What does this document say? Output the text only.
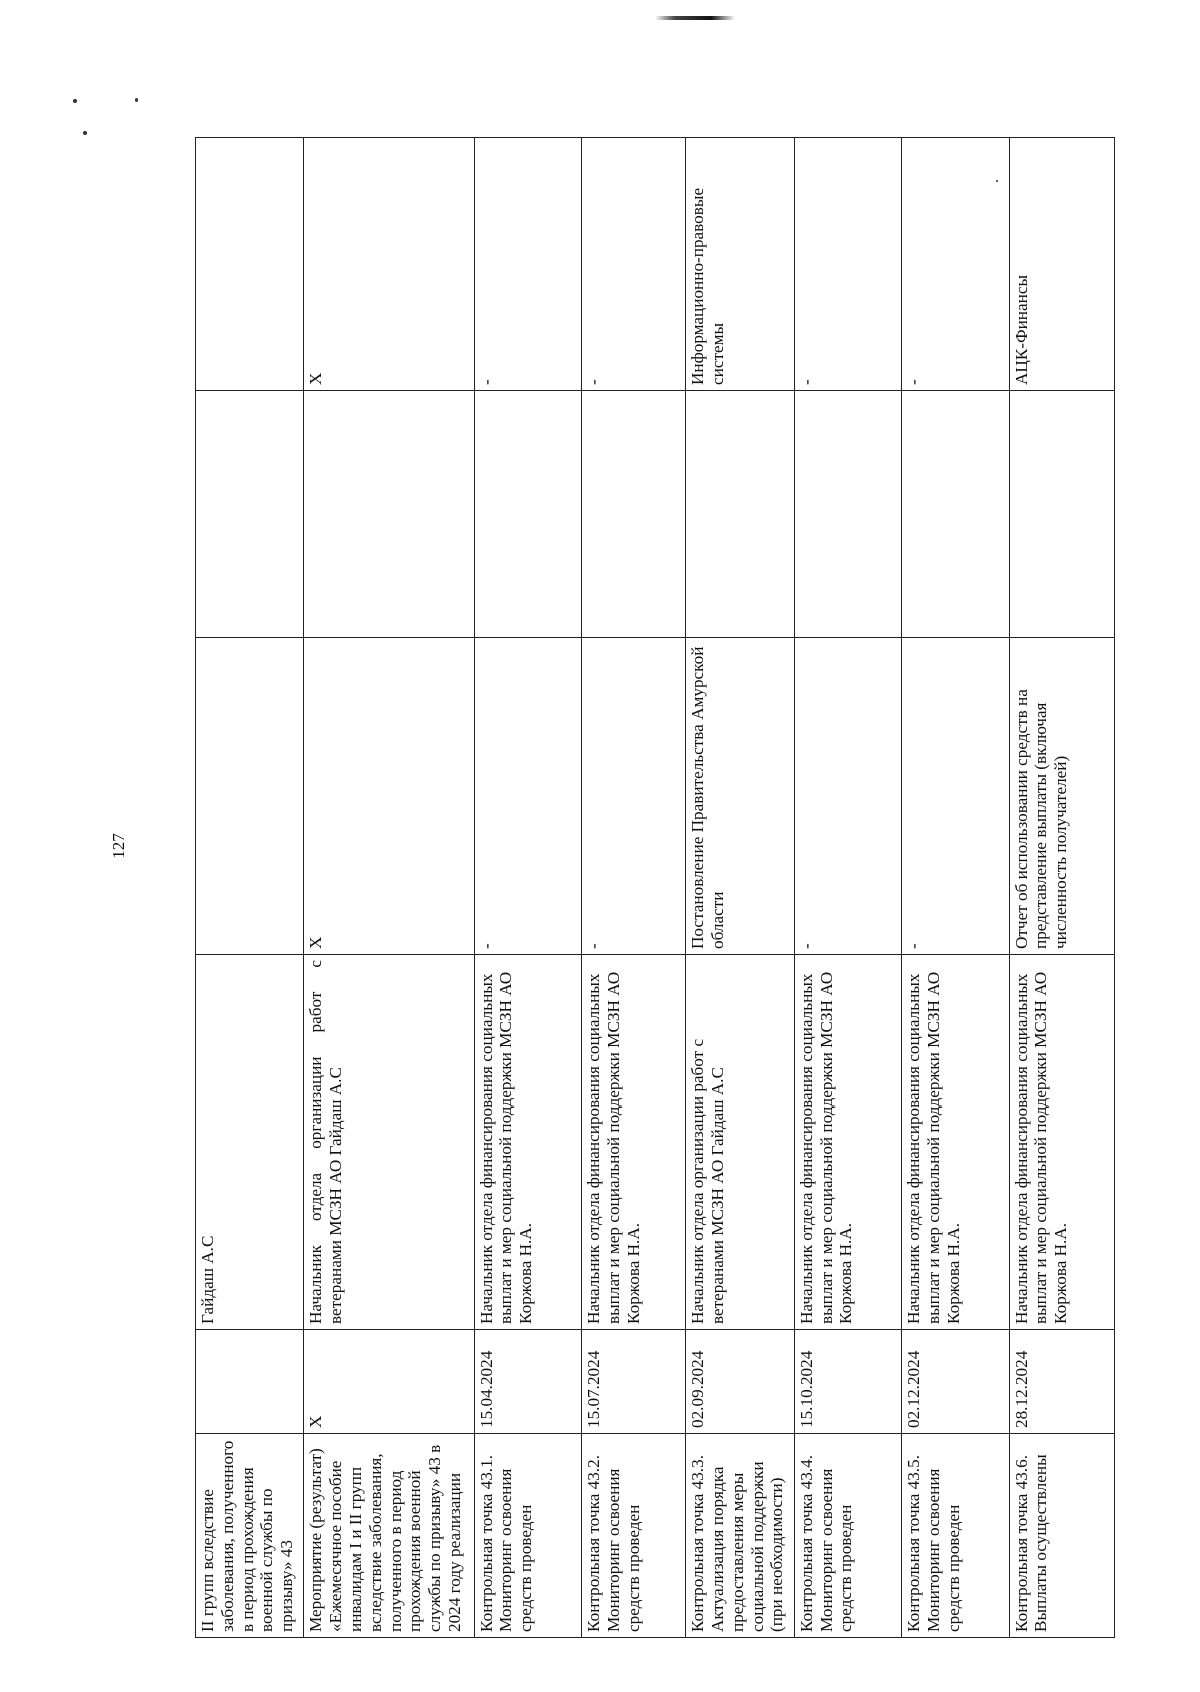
127
II групп вследствие заболевания, полученного в период прохождения военной службы по призыву» 43		Гайдаш А.С			
Мероприятие (результат) «Ежемесячное пособие инвалидам I и II групп вследствие заболевания, полученного в период прохождения военной службы по призыву» 43 в 2024 году реализации	X	Начальник отдела организации работ с ветеранами МСЗН АО Гайдаш А.С	X		X
Контрольная точка 43.1. Мониторинг освоения средств проведен	15.04.2024	Начальник отдела финансирования социальных выплат и мер социальной поддержки МСЗН АО Коржова Н.А.	-		-
Контрольная точка 43.2. Мониторинг освоения средств проведен	15.07.2024	Начальник отдела финансирования социальных выплат и мер социальной поддержки МСЗН АО Коржова Н.А.	-		-
Контрольная точка 43.3. Актуализация порядка предоставления меры социальной поддержки (при необходимости)	02.09.2024	Начальник отдела организации работ с ветеранами МСЗН АО Гайдаш А.С	Постановление Правительства Амурской области		Информационно-правовые системы
Контрольная точка 43.4. Мониторинг освоения средств проведен	15.10.2024	Начальник отдела финансирования социальных выплат и мер социальной поддержки МСЗН АО Коржова Н.А.	-		-
Контрольная точка 43.5. Мониторинг освоения средств проведен	02.12.2024	Начальник отдела финансирования социальных выплат и мер социальной поддержки МСЗН АО Коржова Н.А.	-		-
Контрольная точка 43.6. Выплаты осуществлены	28.12.2024	Начальник отдела финансирования социальных выплат и мер социальной поддержки МСЗН АО Коржова Н.А.	Отчет об использовании средств на представление выплаты (включая численность получателей)		АЦК-Финансы
